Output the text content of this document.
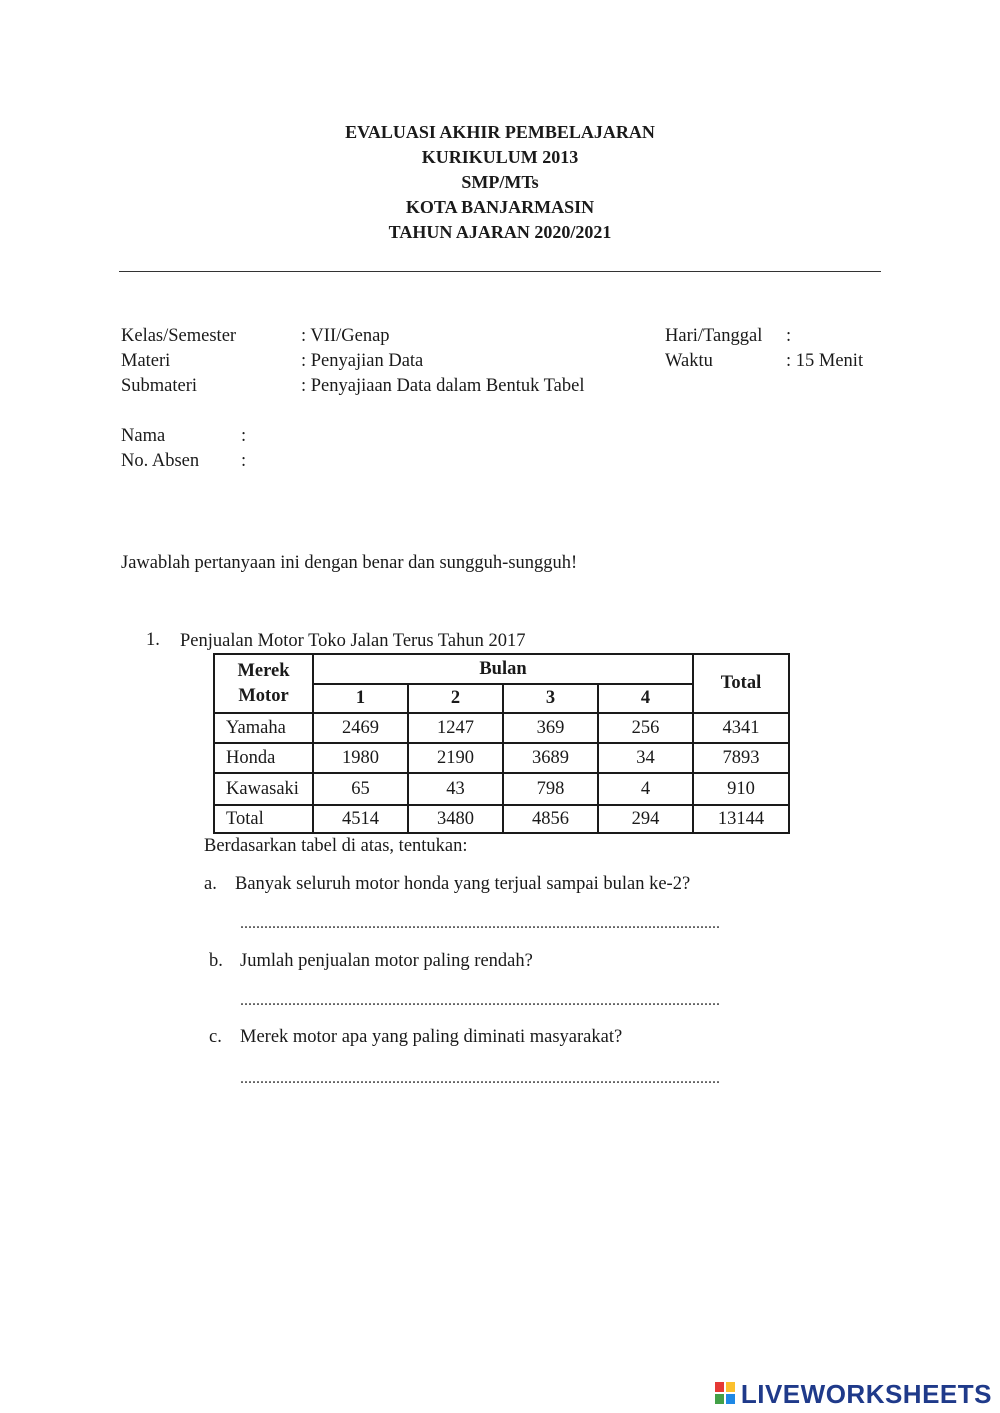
EVALUASI AKHIR PEMBELAJARAN
KURIKULUM 2013
SMP/MTs
KOTA BANJARMASIN
TAHUN AJARAN 2020/2021
Kelas/Semester	: VII/Genap
Materi	: Penyajian Data
Submateri	: Penyajiaan Data dalam Bentuk Tabel
Hari/Tanggal :
Waktu	: 15 Menit
Nama	:
No. Absen :
Jawablah pertanyaan ini dengan benar dan sungguh-sungguh!
1. Penjualan Motor Toko Jalan Terus Tahun 2017
Merek
Motor	Bulan				Total
	1	2	3	4	
Yamaha	2469	1247	369	256	4341
Honda	1980	2190	3689	34	7893
Kawasaki	65	43	798	4	910
Total	4514	3480	4856	294	13144
Berdasarkan tabel di atas, tentukan:
a. Banyak seluruh motor honda yang terjual sampai bulan ke-2?
........................................................................................................................
b. Jumlah penjualan motor paling rendah?
........................................................................................................................
c. Merek motor apa yang paling diminati masyarakat?
........................................................................................................................
LIVEWORKSHEETS
